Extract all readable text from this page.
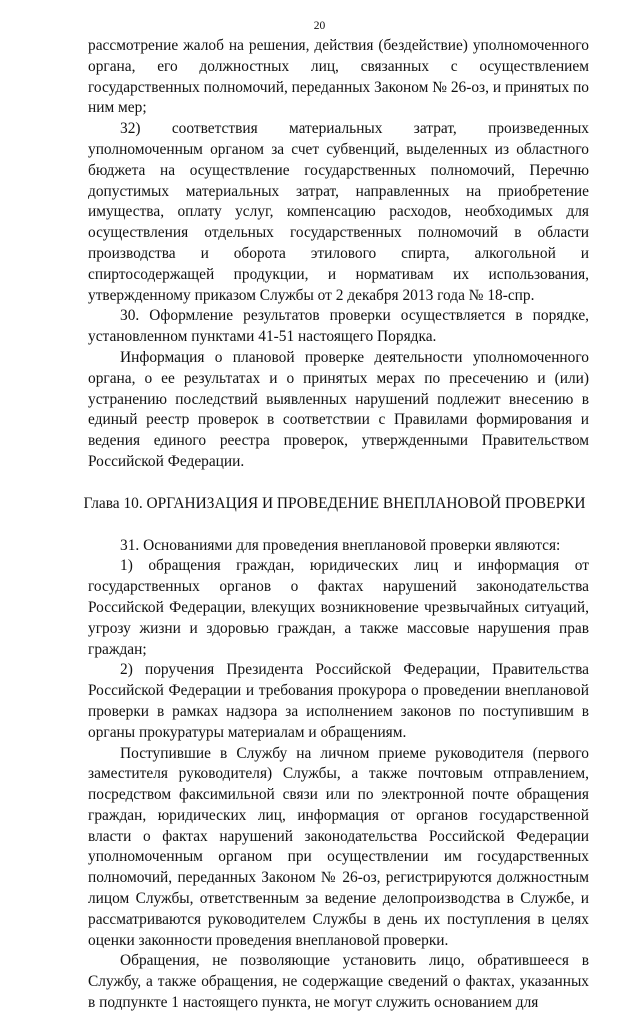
20

рассмотрение жалоб на решения, действия (бездействие) уполномоченного органа, его должностных лиц, связанных с осуществлением государственных полномочий, переданных Законом № 26-оз, и принятых по ним мер;

32) соответствия материальных затрат, произведенных уполномоченным органом за счет субвенций, выделенных из областного бюджета на осуществление государственных полномочий, Перечню допустимых материальных затрат, направленных на приобретение имущества, оплату услуг, компенсацию расходов, необходимых для осуществления отдельных государственных полномочий в области производства и оборота этилового спирта, алкогольной и спиртосодержащей продукции, и нормативам их использования, утвержденному приказом Службы от 2 декабря 2013 года № 18-спр.

30. Оформление результатов проверки осуществляется в порядке, установленном пунктами 41-51 настоящего Порядка.

Информация о плановой проверке деятельности уполномоченного органа, о ее результатах и о принятых мерах по пресечению и (или) устранению последствий выявленных нарушений подлежит внесению в единый реестр проверок в соответствии с Правилами формирования и ведения единого реестра проверок, утвержденными Правительством Российской Федерации.

Глава 10. ОРГАНИЗАЦИЯ И ПРОВЕДЕНИЕ ВНЕПЛАНОВОЙ ПРОВЕРКИ

31. Основаниями для проведения внеплановой проверки являются:

1) обращения граждан, юридических лиц и информация от государственных органов о фактах нарушений законодательства Российской Федерации, влекущих возникновение чрезвычайных ситуаций, угрозу жизни и здоровью граждан, а также массовые нарушения прав граждан;

2) поручения Президента Российской Федерации, Правительства Российской Федерации и требования прокурора о проведении внеплановой проверки в рамках надзора за исполнением законов по поступившим в органы прокуратуры материалам и обращениям.

Поступившие в Службу на личном приеме руководителя (первого заместителя руководителя) Службы, а также почтовым отправлением, посредством факсимильной связи или по электронной почте обращения граждан, юридических лиц, информация от органов государственной власти о фактах нарушений законодательства Российской Федерации уполномоченным органом при осуществлении им государственных полномочий, переданных Законом № 26-оз, регистрируются должностным лицом Службы, ответственным за ведение делопроизводства в Службе, и рассматриваются руководителем Службы в день их поступления в целях оценки законности проведения внеплановой проверки.

Обращения, не позволяющие установить лицо, обратившееся в Службу, а также обращения, не содержащие сведений о фактах, указанных в подпункте 1 настоящего пункта, не могут служить основанием для
